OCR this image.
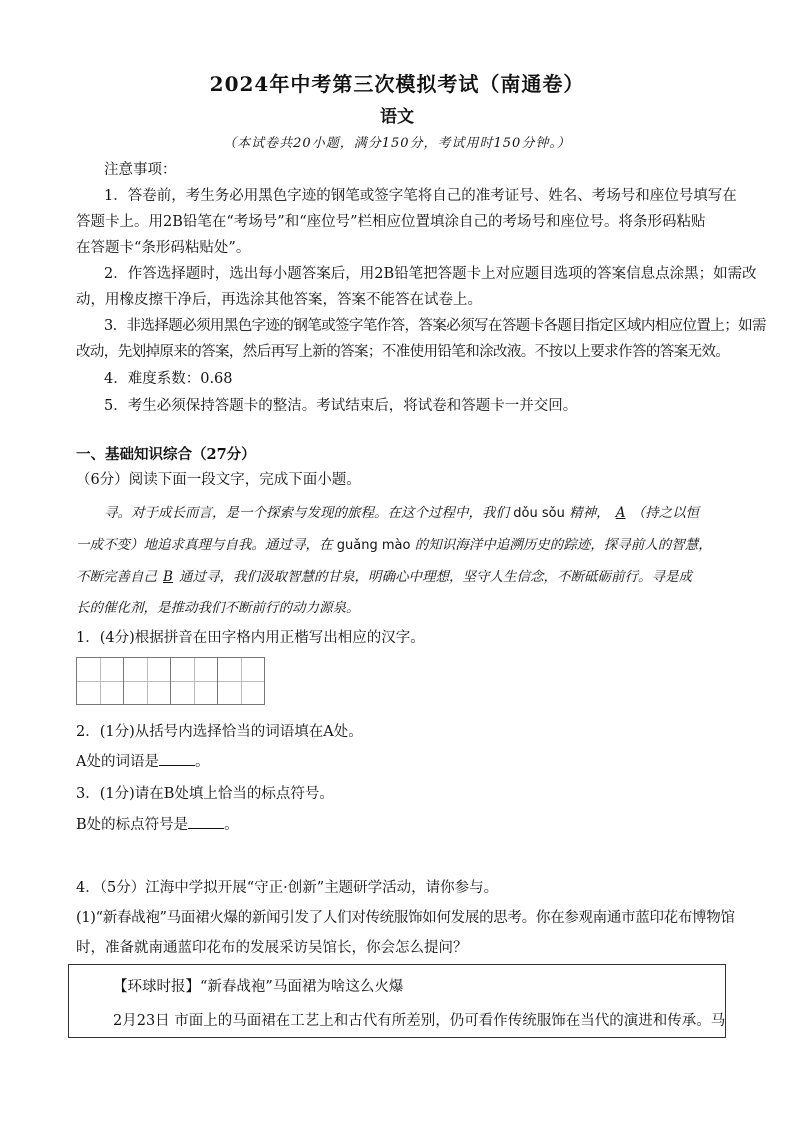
2024年中考第三次模拟考试（南通卷）
语文
（本试卷共20小题，满分150分，考试用时150分钟。）
注意事项：
1．答卷前，考生务必用黑色字迹的钢笔或签字笔将自己的准考证号、姓名、考场号和座位号填写在
答题卡上。用2B铅笔在“考场号”和“座位号”栏相应位置填涂自己的考场号和座位号。将条形码粘贴
在答题卡“条形码粘贴处”。
2．作答选择题时，选出每小题答案后，用2B铅笔把答题卡上对应题目选项的答案信息点涂黑；如需改
动，用橡皮擦干净后，再选涂其他答案，答案不能答在试卷上。
3．非选择题必须用黑色字迹的钢笔或签字笔作答，答案必须写在答题卡各题目指定区域内相应位置上；如需
改动，先划掉原来的答案，然后再写上新的答案；不准使用铅笔和涂改液。不按以上要求作答的答案无效。
4．难度系数：0.68
5．考生必须保持答题卡的整洁。考试结束后，将试卷和答题卡一并交回。
一、基础知识综合（27分）
（6分）阅读下面一段文字，完成下面小题。
寻。对于成长而言，是一个探索与发现的旅程。在这个过程中，我们 dǒu sǒu 精神， A （持之以恒
一成不变）地追求真理与自我。通过寻，在 guǎng mào 的知识海洋中追溯历史的踪迹，探寻前人的智慧，
不断完善自己 B 通过寻，我们汲取智慧的甘泉，明确心中理想，坚守人生信念，不断砥砺前行。寻是成
长的催化剂，是推动我们不断前行的动力源泉。
1．(4分)根据拼音在田字格内用正楷写出相应的汉字。
2．(1分)从括号内选择恰当的词语填在A处。
A处的词语是 。
3．(1分)请在B处填上恰当的标点符号。
B处的标点符号是 。
4．（5分）江海中学拟开展“守正·创新”主题研学活动，请你参与。
(1)“新春战袍”马面裙火爆的新闻引发了人们对传统服饰如何发展的思考。你在参观南通市蓝印花布博物馆
时，准备就南通蓝印花布的发展采访吴馆长，你会怎么提问？
【环球时报】“新春战袍”马面裙为啥这么火爆
2月23日 市面上的马面裙在工艺上和古代有所差别，仍可看作传统服饰在当代的演进和传承。马
